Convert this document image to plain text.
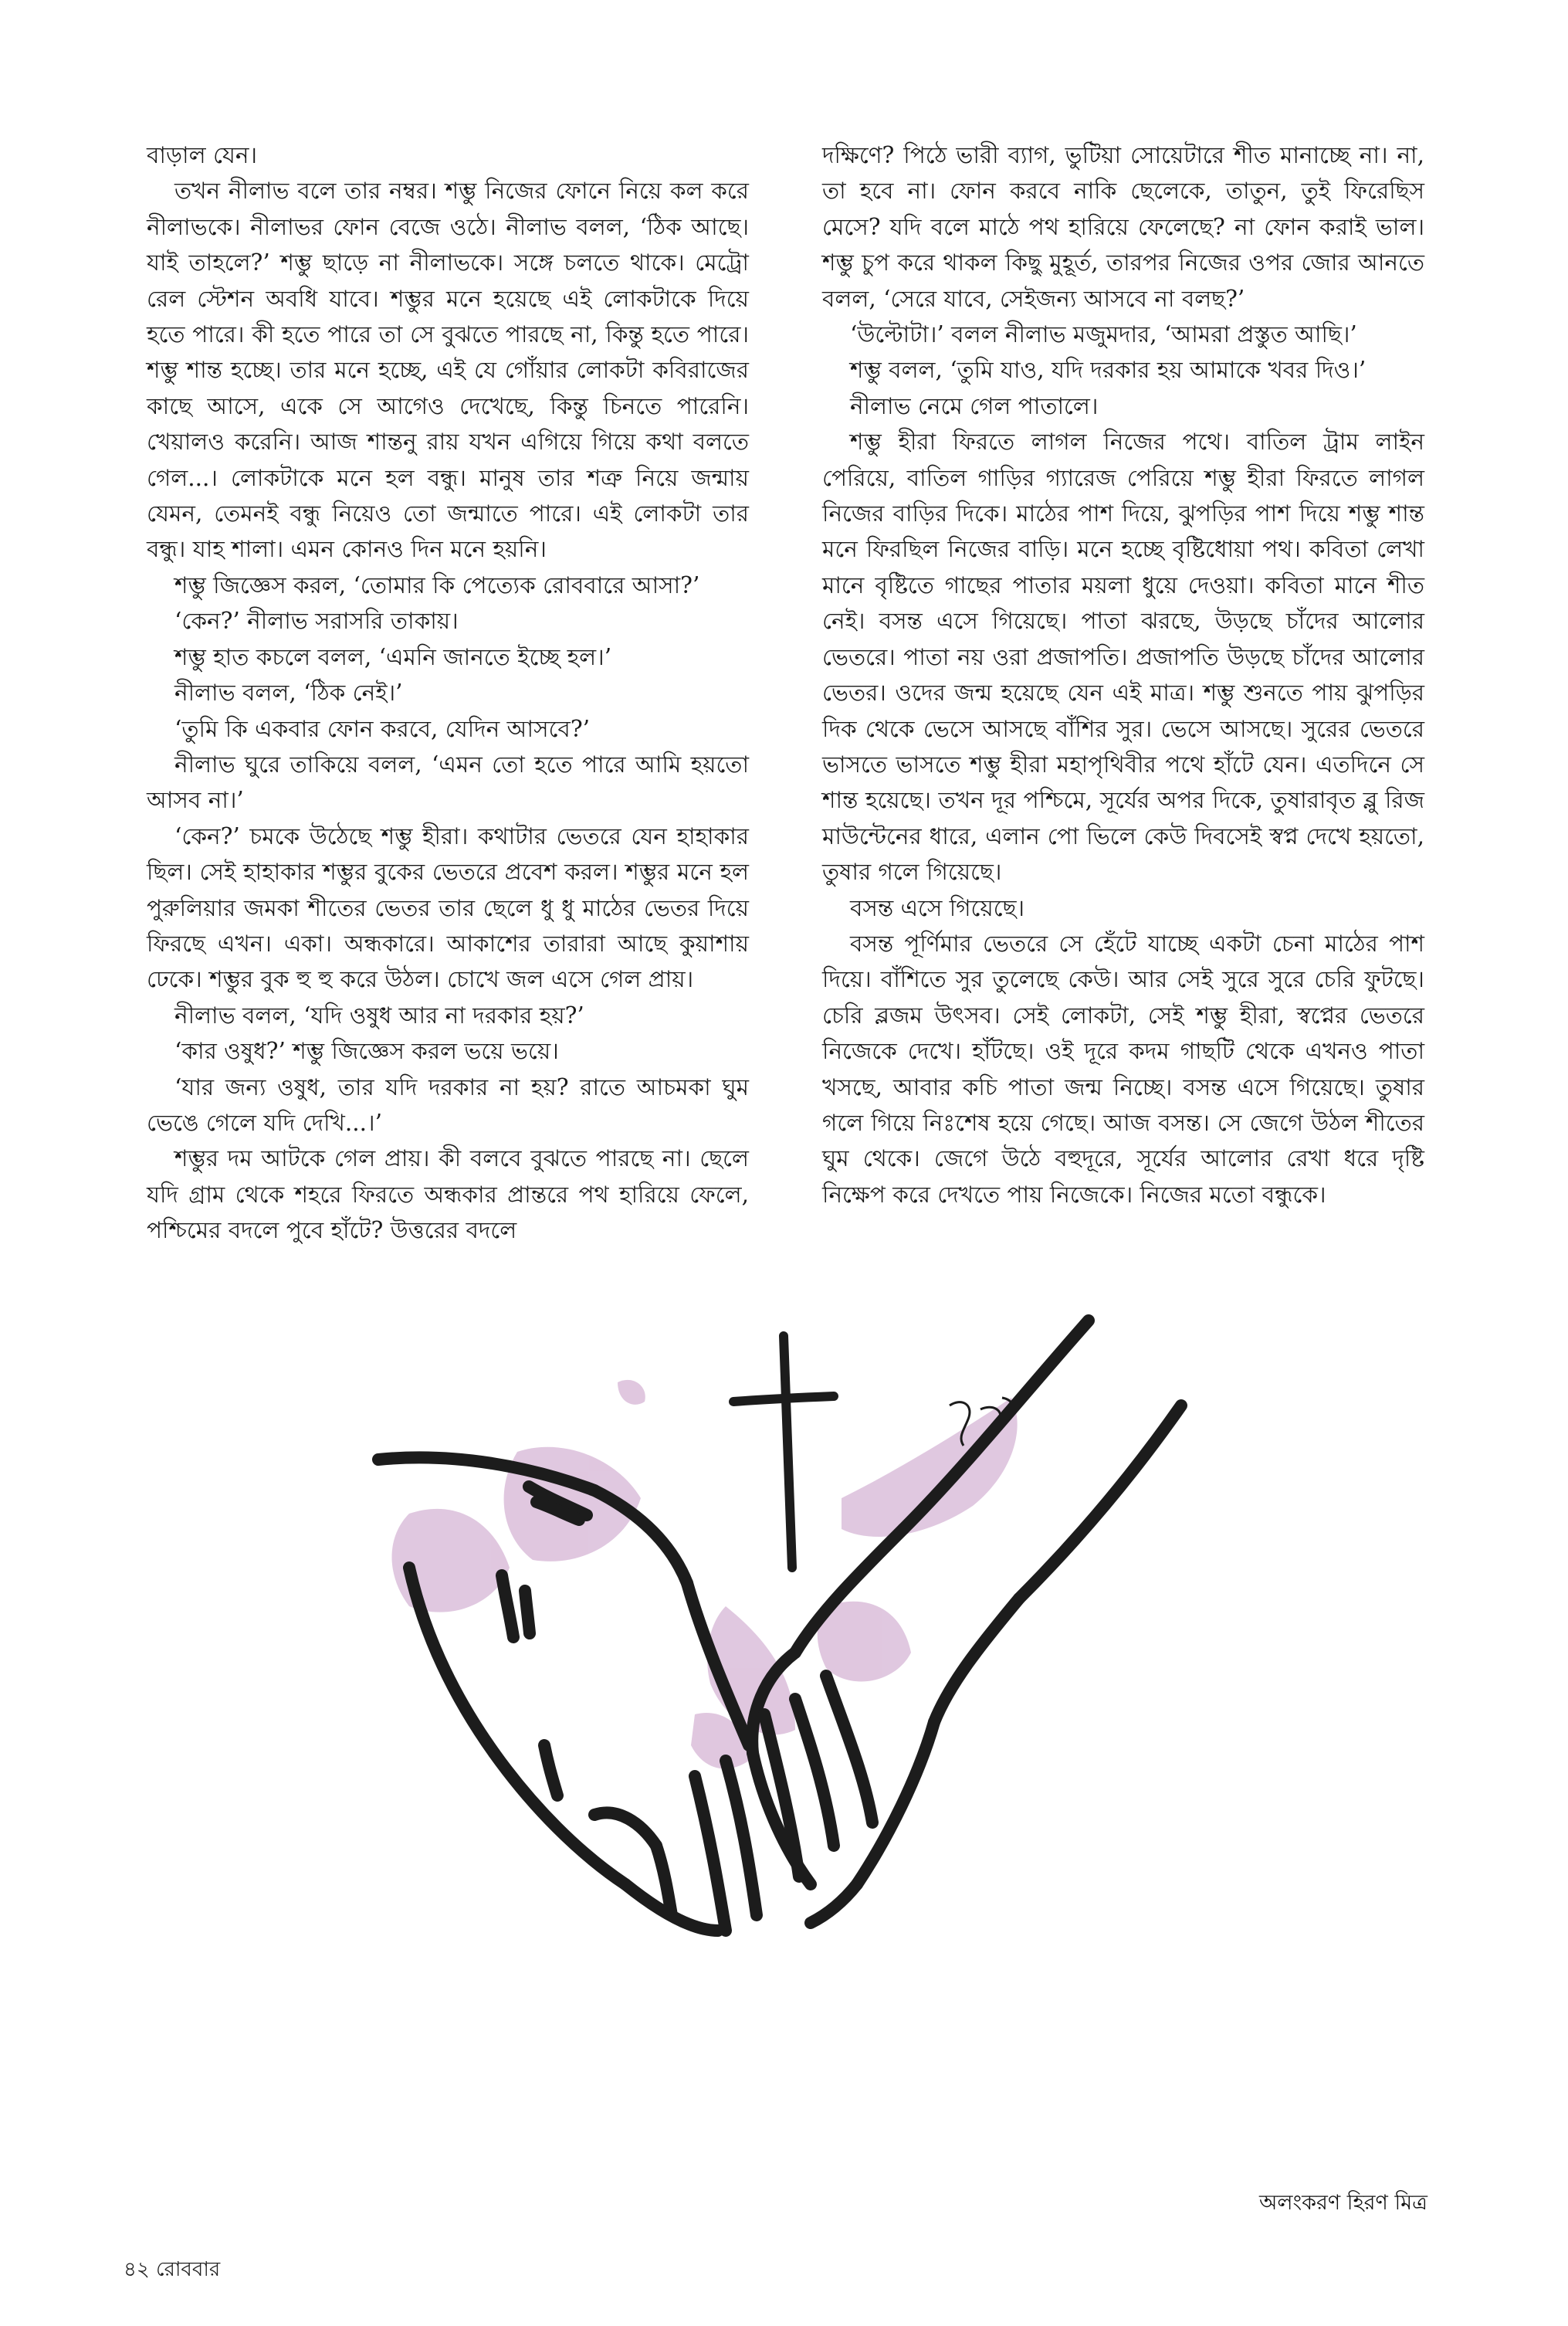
বাড়াল যেন।

তখন নীলাভ বলে তার নম্বর। শম্ভু নিজের ফোনে নিয়ে কল করে নীলাভকে। নীলাভর ফোন বেজে ওঠে। নীলাভ বলল, ‘ঠিক আছে। যাই তাহলে?’ শম্ভু ছাড়ে না নীলাভকে। সঙ্গে চলতে থাকে। মেট্রো রেল স্টেশন অবধি যাবে। শম্ভুর মনে হয়েছে এই লোকটাকে দিয়ে হতে পারে। কী হতে পারে তা সে বুঝতে পারছে না, কিন্তু হতে পারে। শম্ভু শান্ত হচ্ছে। তার মনে হচ্ছে, এই যে গোঁয়ার লোকটা কবিরাজের কাছে আসে, একে সে আগেও দেখেছে, কিন্তু চিনতে পারেনি। খেয়ালও করেনি। আজ শান্তনু রায় যখন এগিয়ে গিয়ে কথা বলতে গেল...। লোকটাকে মনে হল বন্ধু। মানুষ তার শত্রু নিয়ে জন্মায় যেমন, তেমনই বন্ধু নিয়েও তো জন্মাতে পারে। এই লোকটা তার বন্ধু। যাহ শালা। এমন কোনও দিন মনে হয়নি।

শম্ভু জিজ্ঞেস করল, ‘তোমার কি পেত্যেক রোববারে আসা?’

‘কেন?’ নীলাভ সরাসরি তাকায়।

শম্ভু হাত কচলে বলল, ‘এমনি জানতে ইচ্ছে হল।’

নীলাভ বলল, ‘ঠিক নেই।’

‘তুমি কি একবার ফোন করবে, যেদিন আসবে?’

নীলাভ ঘুরে তাকিয়ে বলল, ‘এমন তো হতে পারে আমি হয়তো আসব না।’

‘কেন?’ চমকে উঠেছে শম্ভু হীরা। কথাটার ভেতরে যেন হাহাকার ছিল। সেই হাহাকার শম্ভুর বুকের ভেতরে প্রবেশ করল। শম্ভুর মনে হল পুরুলিয়ার জমকা শীতের ভেতর তার ছেলে ধু ধু মাঠের ভেতর দিয়ে ফিরছে এখন। একা। অন্ধকারে। আকাশের তারারা আছে কুয়াশায় ঢেকে। শম্ভুর বুক হু হু করে উঠল। চোখে জল এসে গেল প্রায়।

নীলাভ বলল, ‘যদি ওষুধ আর না দরকার হয়?’

‘কার ওষুধ?’ শম্ভু জিজ্ঞেস করল ভয়ে ভয়ে।

‘যার জন্য ওষুধ, তার যদি দরকার না হয়? রাতে আচমকা ঘুম ভেঙে গেলে যদি দেখি...।’

শম্ভুর দম আটকে গেল প্রায়। কী বলবে বুঝতে পারছে না। ছেলে যদি গ্রাম থেকে শহরে ফিরতে অন্ধকার প্রান্তরে পথ হারিয়ে ফেলে, পশ্চিমের বদলে পুবে হাঁটে? উত্তরের বদলে

দক্ষিণে? পিঠে ভারী ব্যাগ, ভুটিয়া সোয়েটারে শীত মানাচ্ছে না। না, তা হবে না। ফোন করবে নাকি ছেলেকে, তাতুন, তুই ফিরেছিস মেসে? যদি বলে মাঠে পথ হারিয়ে ফেলেছে? না ফোন করাই ভাল। শম্ভু চুপ করে থাকল কিছু মুহূর্ত, তারপর নিজের ওপর জোর আনতে বলল, ‘সেরে যাবে, সেইজন্য আসবে না বলছ?’

‘উল্টোটা।’ বলল নীলাভ মজুমদার, ‘আমরা প্রস্তুত আছি।’

শম্ভু বলল, ‘তুমি যাও, যদি দরকার হয় আমাকে খবর দিও।’

নীলাভ নেমে গেল পাতালে।

শম্ভু হীরা ফিরতে লাগল নিজের পথে। বাতিল ট্রাম লাইন পেরিয়ে, বাতিল গাড়ির গ্যারেজ পেরিয়ে শম্ভু হীরা ফিরতে লাগল নিজের বাড়ির দিকে। মাঠের পাশ দিয়ে, ঝুপড়ির পাশ দিয়ে শম্ভু শান্ত মনে ফিরছিল নিজের বাড়ি। মনে হচ্ছে বৃষ্টিধোয়া পথ। কবিতা লেখা মানে বৃষ্টিতে গাছের পাতার ময়লা ধুয়ে দেওয়া। কবিতা মানে শীত নেই। বসন্ত এসে গিয়েছে। পাতা ঝরছে, উড়ছে চাঁদের আলোর ভেতরে। পাতা নয় ওরা প্রজাপতি। প্রজাপতি উড়ছে চাঁদের আলোর ভেতর। ওদের জন্ম হয়েছে যেন এই মাত্র। শম্ভু শুনতে পায় ঝুপড়ির দিক থেকে ভেসে আসছে বাঁশির সুর। ভেসে আসছে। সুরের ভেতরে ভাসতে ভাসতে শম্ভু হীরা মহাপৃথিবীর পথে হাঁটে যেন। এতদিনে সে শান্ত হয়েছে। তখন দূর পশ্চিমে, সূর্যের অপর দিকে, তুষারাবৃত ব্লু রিজ মাউন্টেনের ধারে, এলান পো ভিলে কেউ দিবসেই স্বপ্ন দেখে হয়তো, তুষার গলে গিয়েছে।

বসন্ত এসে গিয়েছে।

বসন্ত পূর্ণিমার ভেতরে সে হেঁটে যাচ্ছে একটা চেনা মাঠের পাশ দিয়ে। বাঁশিতে সুর তুলেছে কেউ। আর সেই সুরে সুরে চেরি ফুটছে। চেরি ব্লজম উৎসব। সেই লোকটা, সেই শম্ভু হীরা, স্বপ্নের ভেতরে নিজেকে দেখে। হাঁটছে। ওই দূরে কদম গাছটি থেকে এখনও পাতা খসছে, আবার কচি পাতা জন্ম নিচ্ছে। বসন্ত এসে গিয়েছে। তুষার গলে গিয়ে নিঃশেষ হয়ে গেছে। আজ বসন্ত। সে জেগে উঠল শীতের ঘুম থেকে। জেগে উঠে বহুদূরে, সূর্যের আলোর রেখা ধরে দৃষ্টি নিক্ষেপ করে দেখতে পায় নিজেকে। নিজের মতো বন্ধুকে।

অলংকরণ হিরণ মিত্র
৪২ রোববার
